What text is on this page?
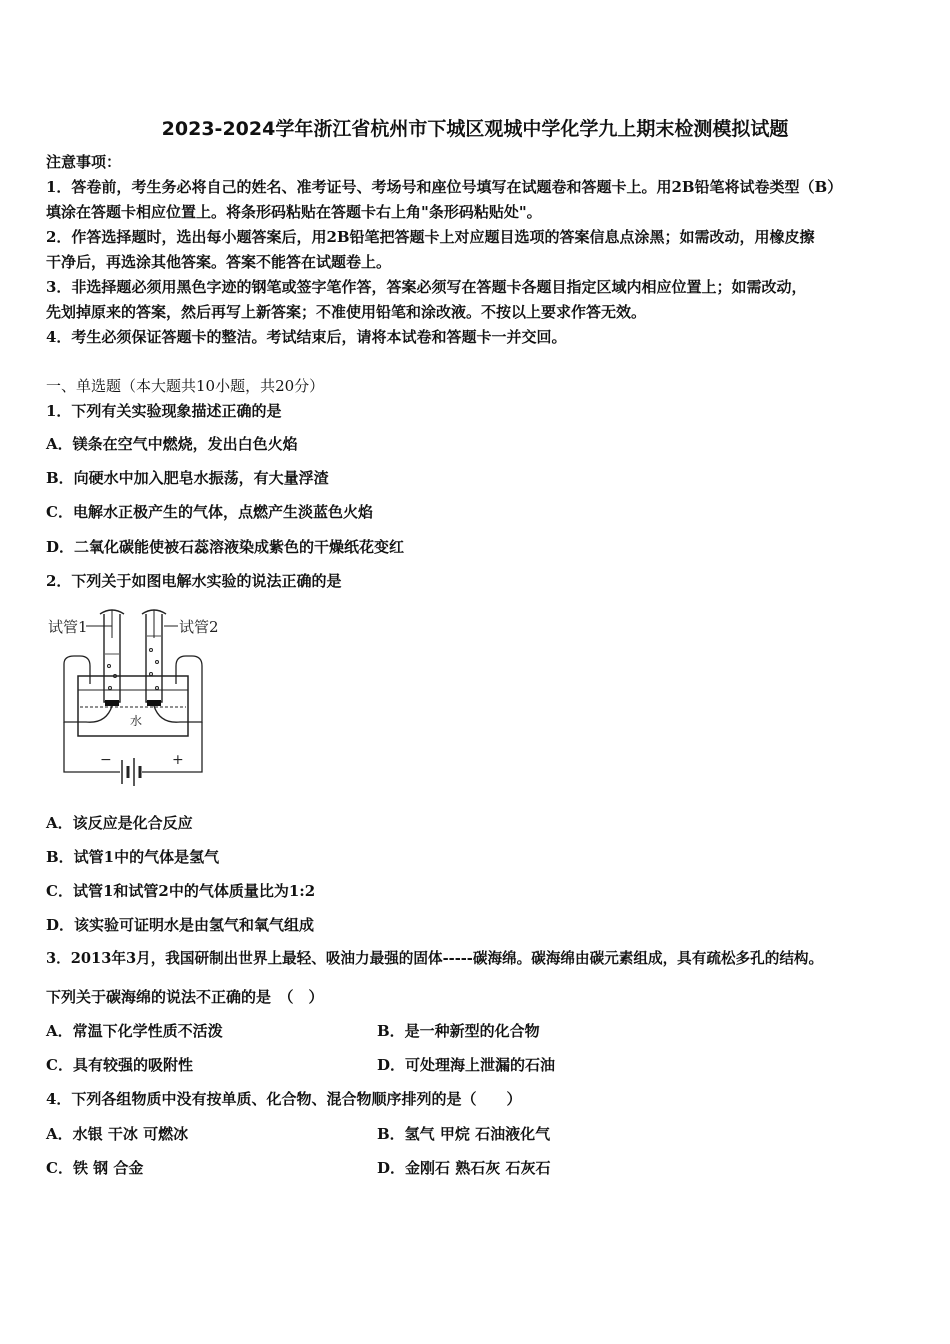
2023-2024学年浙江省杭州市下城区观城中学化学九上期末检测模拟试题
注意事项：
1．答卷前，考生务必将自己的姓名、准考证号、考场号和座位号填写在试题卷和答题卡上。用2B铅笔将试卷类型（B）
填涂在答题卡相应位置上。将条形码粘贴在答题卡右上角"条形码粘贴处"。
2．作答选择题时，选出每小题答案后，用2B铅笔把答题卡上对应题目选项的答案信息点涂黑；如需改动，用橡皮擦
干净后，再选涂其他答案。答案不能答在试题卷上。
3．非选择题必须用黑色字迹的钢笔或签字笔作答，答案必须写在答题卡各题目指定区域内相应位置上；如需改动，
先划掉原来的答案，然后再写上新答案；不准使用铅笔和涂改液。不按以上要求作答无效。
4．考生必须保证答题卡的整洁。考试结束后，请将本试卷和答题卡一并交回。
一、单选题（本大题共10小题，共20分）
1．下列有关实验现象描述正确的是
A．镁条在空气中燃烧，发出白色火焰
B．向硬水中加入肥皂水振荡，有大量浮渣
C．电解水正极产生的气体，点燃产生淡蓝色火焰
D．二氧化碳能使被石蕊溶液染成紫色的干燥纸花变红
2．下列关于如图电解水实验的说法正确的是
试管1	试管2
水
−	+
A．该反应是化合反应
B．试管1中的气体是氢气
C．试管1和试管2中的气体质量比为1:2
D．该实验可证明水是由氢气和氧气组成
3．2013年3月，我国研制出世界上最轻、吸油力最强的固体-----碳海绵。碳海绵由碳元素组成，具有疏松多孔的结构。
下列关于碳海绵的说法不正确的是　（　）
A．常温下化学性质不活泼	B．是一种新型的化合物
C．具有较强的吸附性	D．可处理海上泄漏的石油
4．下列各组物质中没有按单质、化合物、混合物顺序排列的是（　　）
A．水银 干冰 可燃冰	B．氢气 甲烷 石油液化气
C．铁 钢 合金	D．金刚石 熟石灰 石灰石
